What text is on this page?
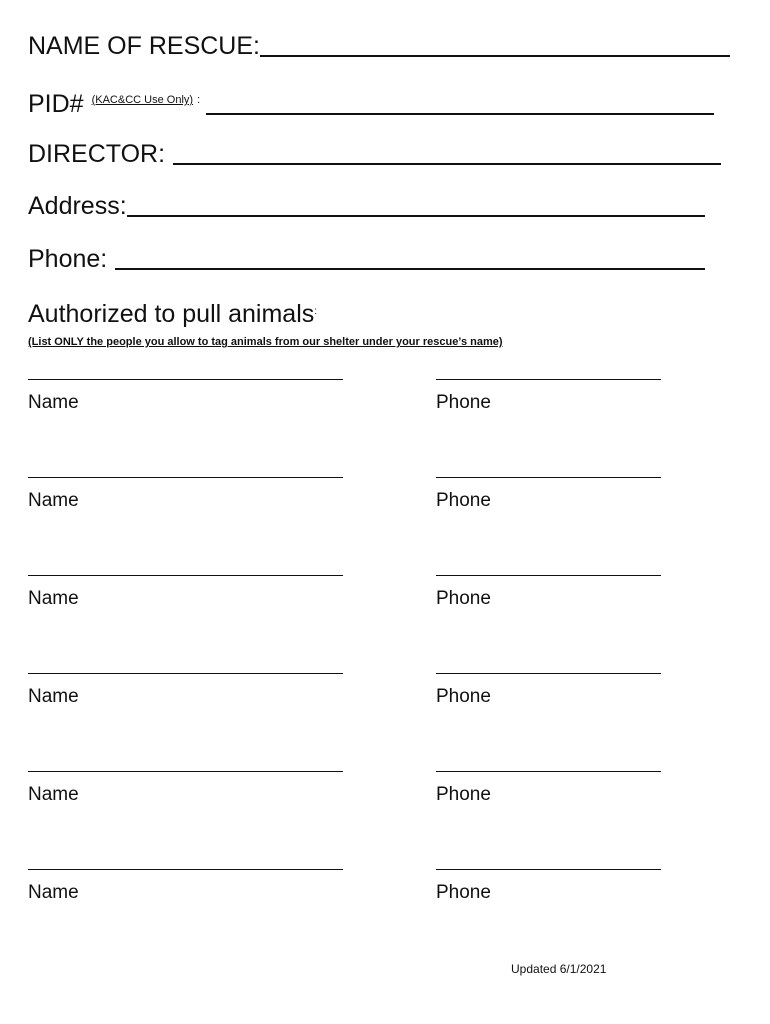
NAME OF RESCUE:
PID# (KAC&CC Use Only) :
DIRECTOR:
Address:
Phone:
Authorized to pull animals :
(List ONLY the people you allow to tag animals from our shelter under your rescue’s name)
Name	Phone
Name	Phone
Name	Phone
Name	Phone
Name	Phone
Name	Phone
Updated 6/1/2021
